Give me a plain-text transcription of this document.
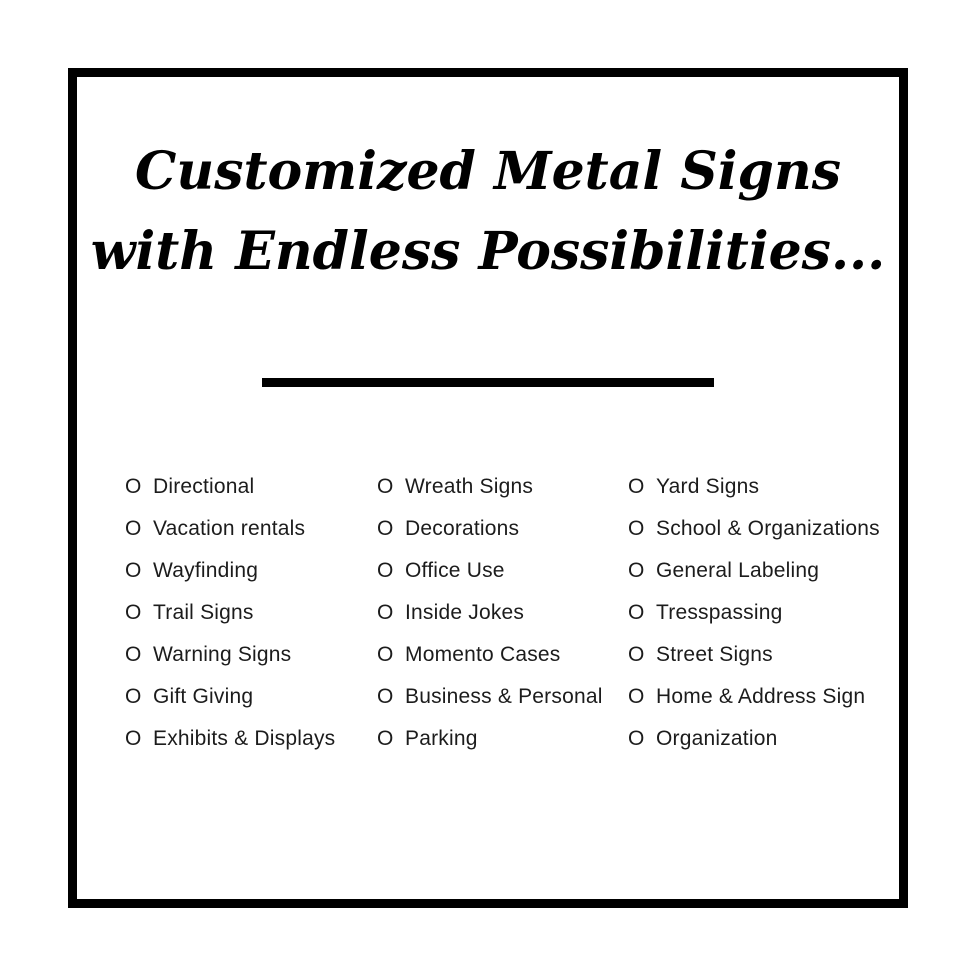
Customized Metal Signs
with Endless Possibilities...
O Directional
O Vacation rentals
O Wayfinding
O Trail Signs
O Warning Signs
O Gift Giving
O Exhibits & Displays
O Wreath Signs
O Decorations
O Office Use
O Inside Jokes
O Momento Cases
O Business & Personal
O Parking
O Yard Signs
O School & Organizations
O General Labeling
O Tresspassing
O Street Signs
O Home & Address Sign
O Organization
